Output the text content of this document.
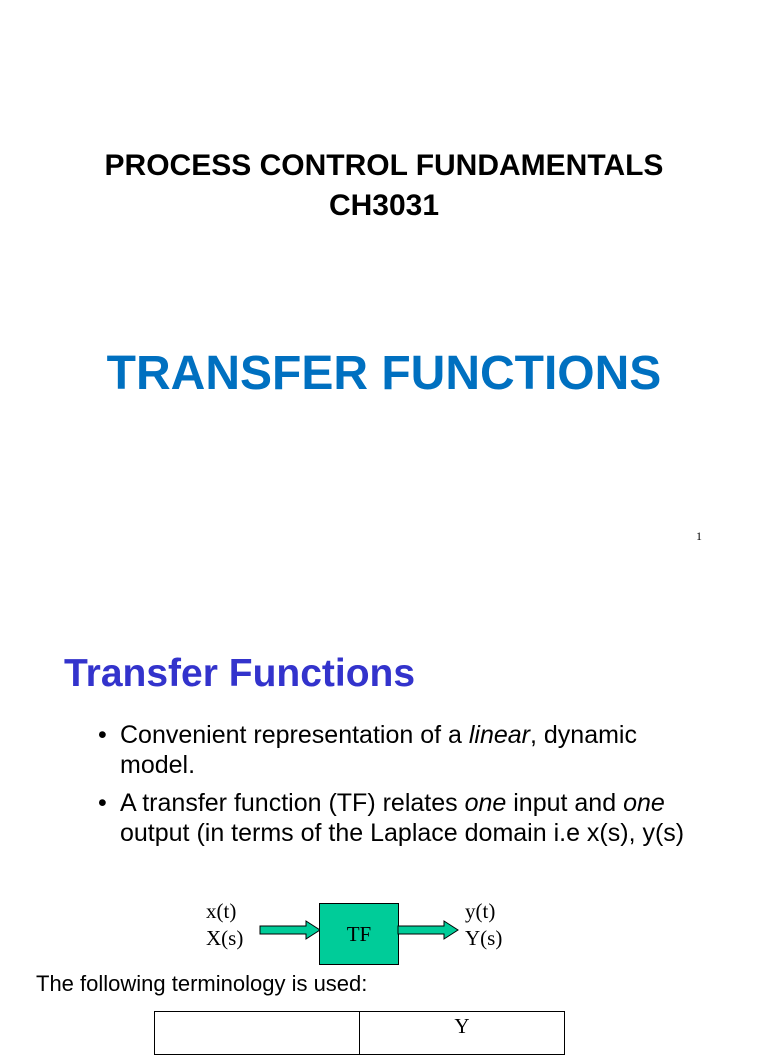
PROCESS CONTROL FUNDAMENTALS
CH3031
TRANSFER FUNCTIONS
1
Transfer Functions
• Convenient representation of a linear, dynamic model.
• A transfer function (TF) relates one input and one output (in terms of the Laplace domain i.e x(s), y(s)
x(t)
X(s)	TF
y(t)
Y(s)
The following terminology is used:
	Y
